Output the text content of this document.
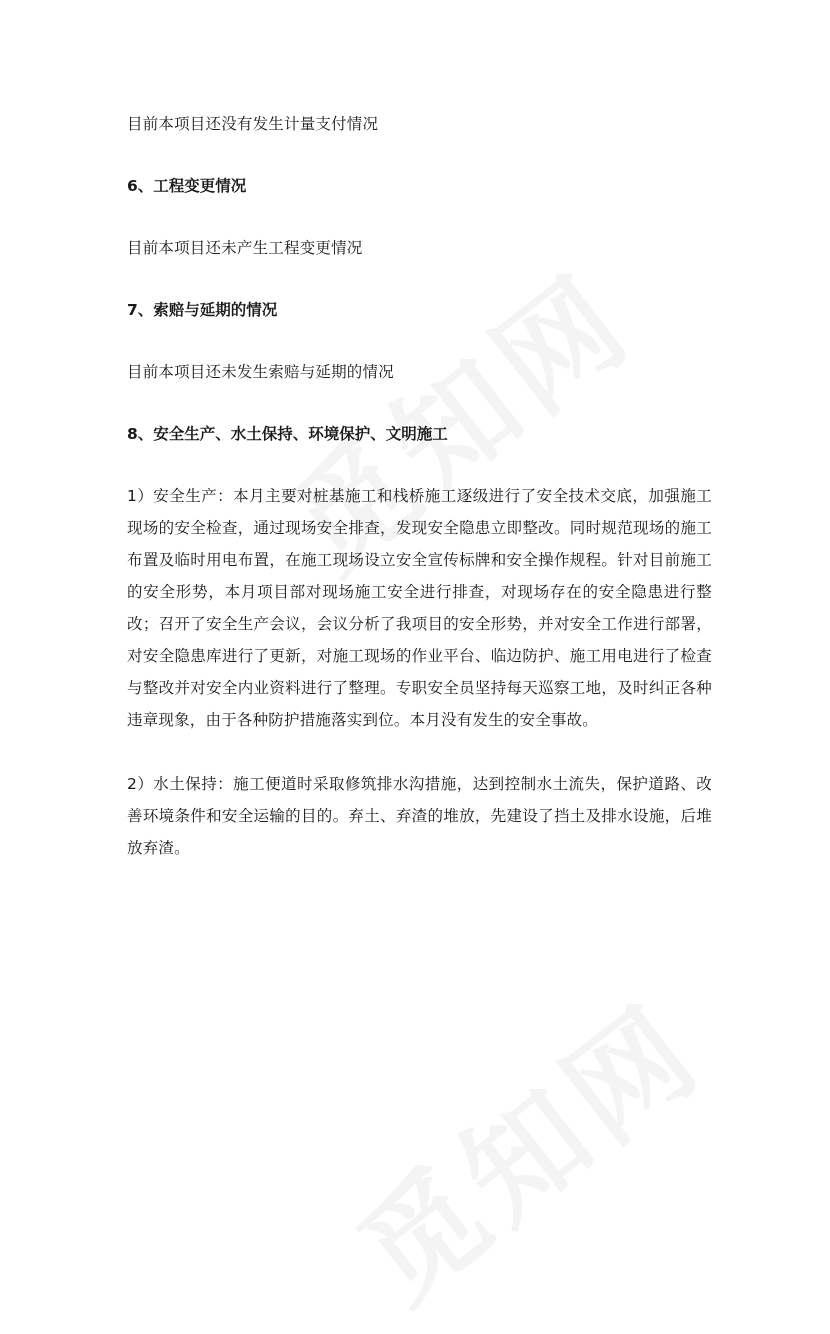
目前本项目还没有发生计量支付情况

6、工程变更情况

目前本项目还未产生工程变更情况

7、索赔与延期的情况

目前本项目还未发生索赔与延期的情况

8、安全生产、水土保持、环境保护、文明施工

1）安全生产：本月主要对桩基施工和栈桥施工逐级进行了安全技术交底，加强施工现场的安全检查，通过现场安全排查，发现安全隐患立即整改。同时规范现场的施工布置及临时用电布置，在施工现场设立安全宣传标牌和安全操作规程。针对目前施工的安全形势，本月项目部对现场施工安全进行排查，对现场存在的安全隐患进行整改；召开了安全生产会议，会议分析了我项目的安全形势，并对安全工作进行部署，对安全隐患库进行了更新，对施工现场的作业平台、临边防护、施工用电进行了检查与整改并对安全内业资料进行了整理。专职安全员坚持每天巡察工地，及时纠正各种违章现象，由于各种防护措施落实到位。本月没有发生的安全事故。

2）水土保持：施工便道时采取修筑排水沟措施，达到控制水土流失，保护道路、改善环境条件和安全运输的目的。弃土、弃渣的堆放，先建设了挡土及排水设施，后堆放弃渣。
